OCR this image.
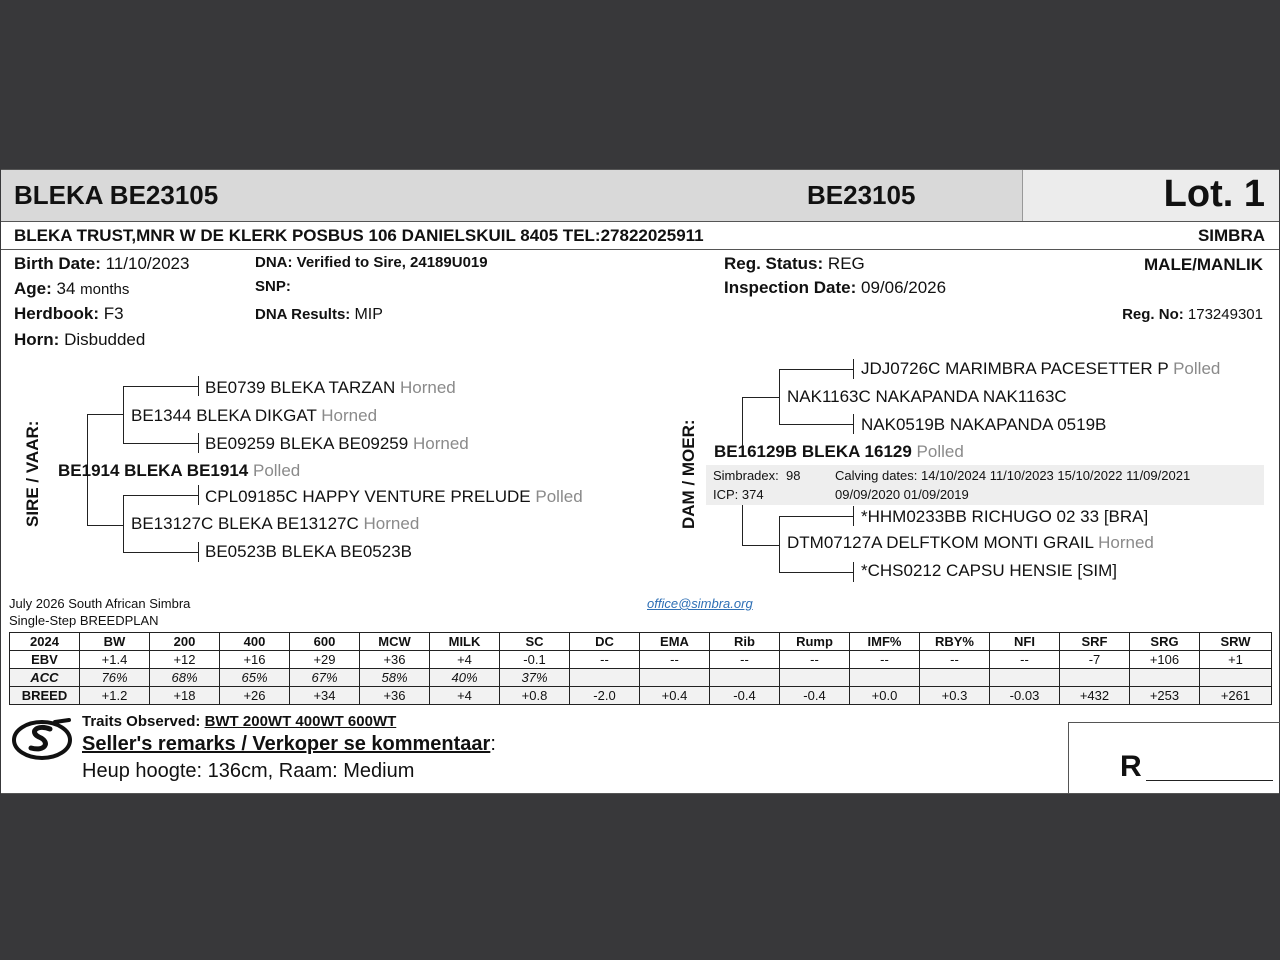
BLEKA BE23105	BE23105	Lot. 1
BLEKA TRUST,MNR W DE KLERK POSBUS 106 DANIELSKUIL 8405 TEL:27822025911	SIMBRA
Birth Date: 11/10/2023
Age: 34 months
Herdbook: F3
Horn: Disbudded
DNA: Verified to Sire, 24189U019
SNP:
DNA Results: MIP
Reg. Status: REG
Inspection Date: 09/06/2026
MALE/MANLIK
Reg. No: 173249301
SIRE / VAAR:
BE0739 BLEKA TARZAN Horned
BE1344 BLEKA DIKGAT Horned
BE09259 BLEKA BE09259 Horned
BE1914 BLEKA BE1914 Polled
CPL09185C HAPPY VENTURE PRELUDE Polled
BE13127C BLEKA BE13127C Horned
BE0523B BLEKA BE0523B
DAM / MOER:
JDJ0726C MARIMBRA PACESETTER P Polled
NAK1163C NAKAPANDA NAK1163C
NAK0519B NAKAPANDA 0519B
BE16129B BLEKA 16129 Polled
Simbradex: 98
ICP: 374
Calving dates: 14/10/2024 11/10/2023 15/10/2022 11/09/2021
09/09/2020 01/09/2019
*HHM0233BB RICHUGO 02 33 [BRA]
DTM07127A DELFTKOM MONTI GRAIL Horned
*CHS0212 CAPSU HENSIE [SIM]
July 2026 South African Simbra
Single-Step BREEDPLAN
office@simbra.org
2024	BW	200	400	600	MCW	MILK	SC	DC	EMA	Rib	Rump	IMF%	RBY%	NFI	SRF	SRG	SRW
EBV	+1.4	+12	+16	+29	+36	+4	-0.1	--	--	--	--	--	--	--	-7	+106	+1
ACC	76%	68%	65%	67%	58%	40%	37%										
BREED	+1.2	+18	+26	+34	+36	+4	+0.8	-2.0	+0.4	-0.4	-0.4	+0.0	+0.3	-0.03	+432	+253	+261
Traits Observed: BWT 200WT 400WT 600WT
Seller's remarks / Verkoper se kommentaar:
Heup hoogte: 136cm, Raam: Medium	R
